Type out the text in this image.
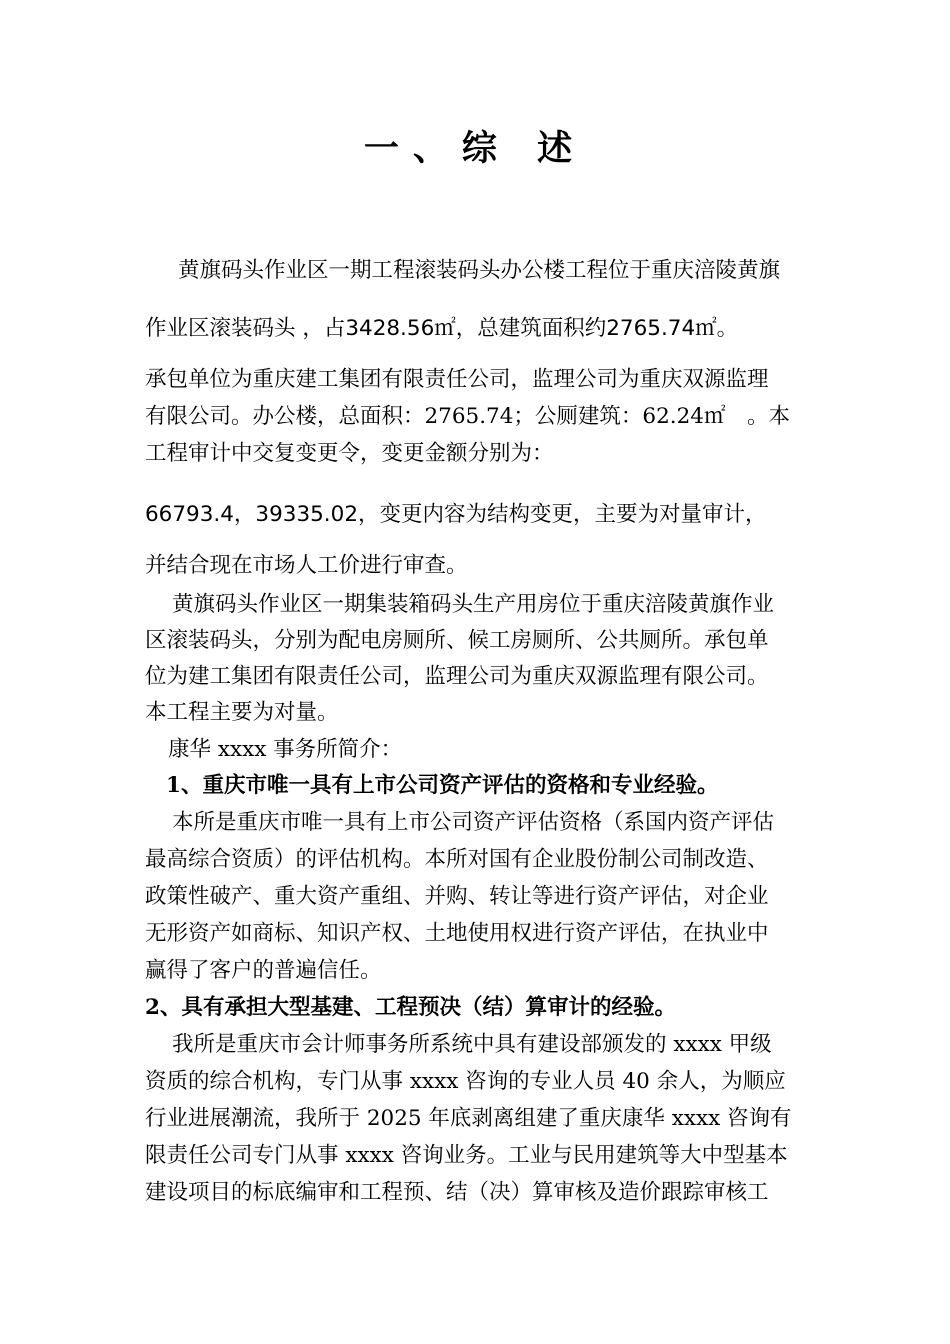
一、综 述
黄旗码头作业区一期工程滚装码头办公楼工程位于重庆涪陵黄旗
作业区滚装码头 ，占3428.56㎡，总建筑面积约2765.74㎡。
承包单位为重庆建工集团有限责任公司，监理公司为重庆双源监理
有限公司。办公楼，总面积：2765.74；公厕建筑：62.24㎡　。本
工程审计中交复变更令，变更金额分别为：
66793.4，39335.02，变更内容为结构变更，主要为对量审计，
并结合现在市场人工价进行审查。
黄旗码头作业区一期集装箱码头生产用房位于重庆涪陵黄旗作业
区滚装码头，分别为配电房厕所、候工房厕所、公共厕所。承包单
位为建工集团有限责任公司，监理公司为重庆双源监理有限公司。
本工程主要为对量。
康华 xxxx 事务所简介：
1、重庆市唯一具有上市公司资产评估的资格和专业经验。
本所是重庆市唯一具有上市公司资产评估资格（系国内资产评估
最高综合资质）的评估机构。本所对国有企业股份制公司制改造、
政策性破产、重大资产重组、并购、转让等进行资产评估，对企业
无形资产如商标、知识产权、土地使用权进行资产评估，在执业中
赢得了客户的普遍信任。
2、具有承担大型基建、工程预决（结）算审计的经验。
我所是重庆市会计师事务所系统中具有建设部颁发的 xxxx 甲级
资质的综合机构，专门从事 xxxx 咨询的专业人员 40 余人，为顺应
行业进展潮流，我所于 2025 年底剥离组建了重庆康华 xxxx 咨询有
限责任公司专门从事 xxxx 咨询业务。工业与民用建筑等大中型基本
建设项目的标底编审和工程预、结（决）算审核及造价跟踪审核工
